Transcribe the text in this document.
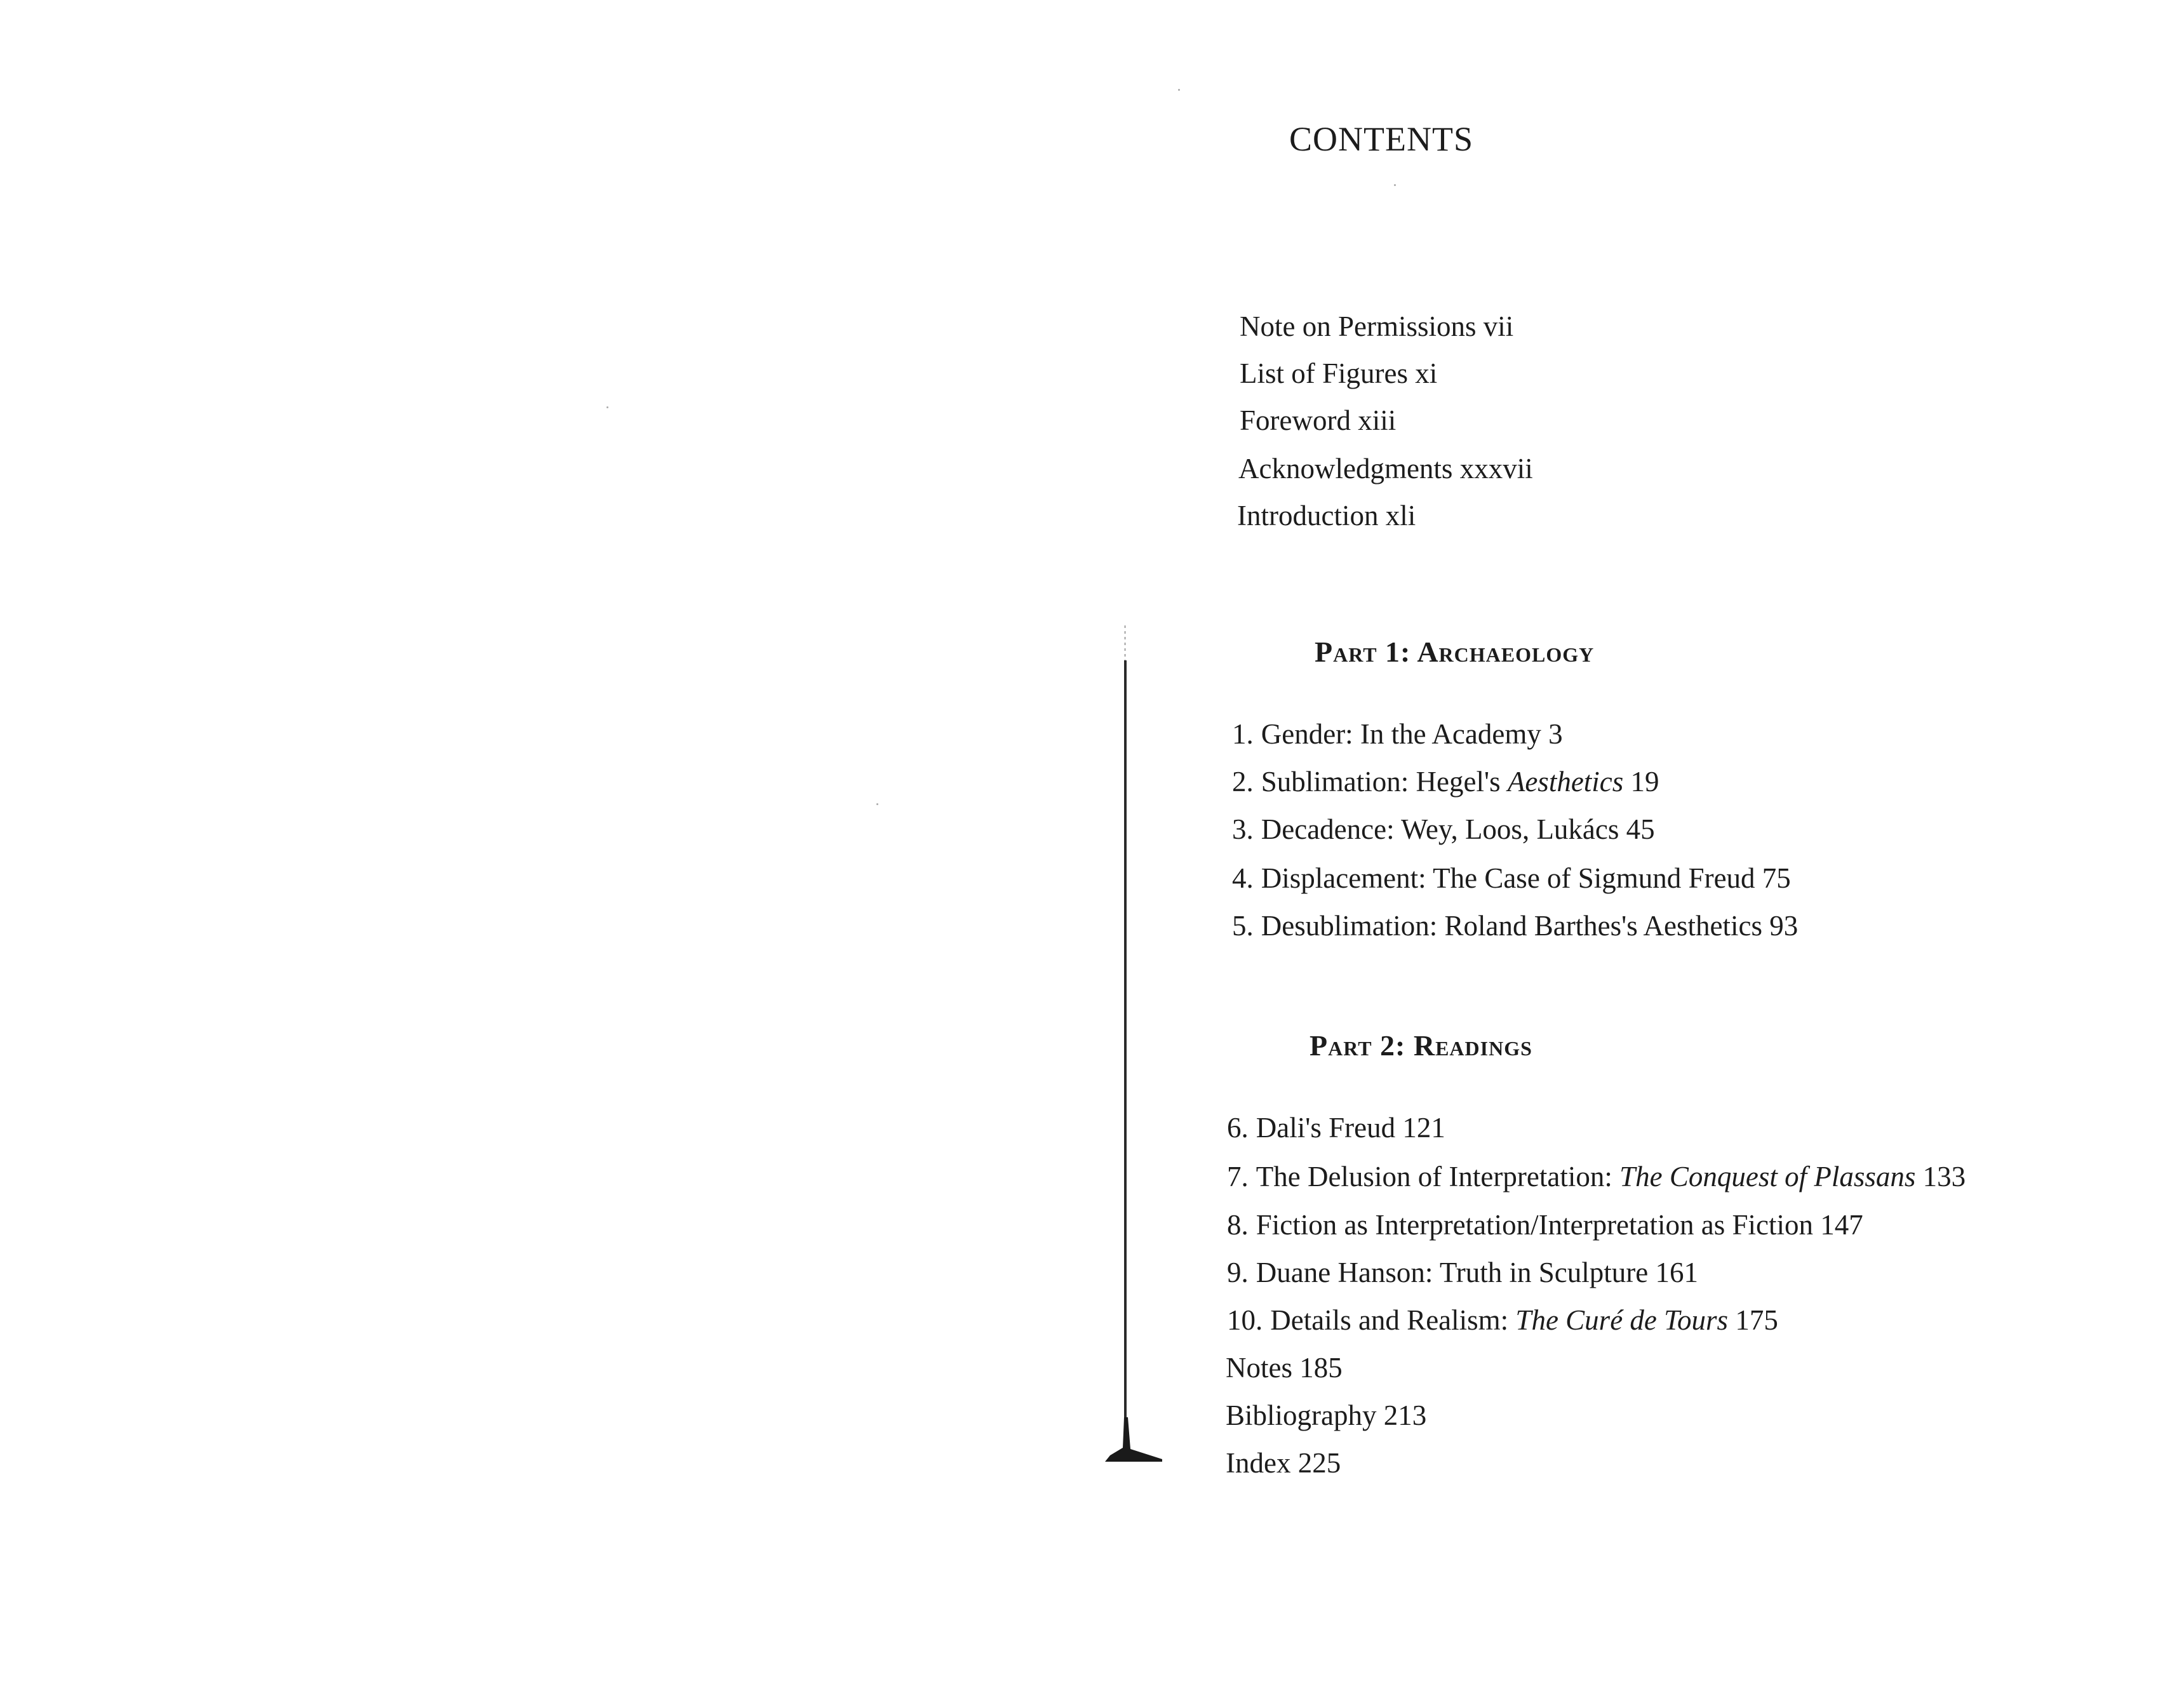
CONTENTS
Note on Permissions vii
List of Figures xi
Foreword xiii
Acknowledgments xxxvii
Introduction xli
Part 1: Archaeology
1. Gender: In the Academy 3
2. Sublimation: Hegel's Aesthetics 19
3. Decadence: Wey, Loos, Lukács 45
4. Displacement: The Case of Sigmund Freud 75
5. Desublimation: Roland Barthes's Aesthetics 93
Part 2: Readings
6. Dali's Freud 121
7. The Delusion of Interpretation: The Conquest of Plassans 133
8. Fiction as Interpretation/Interpretation as Fiction 147
9. Duane Hanson: Truth in Sculpture 161
10. Details and Realism: The Curé de Tours 175
Notes 185
Bibliography 213
Index 225
